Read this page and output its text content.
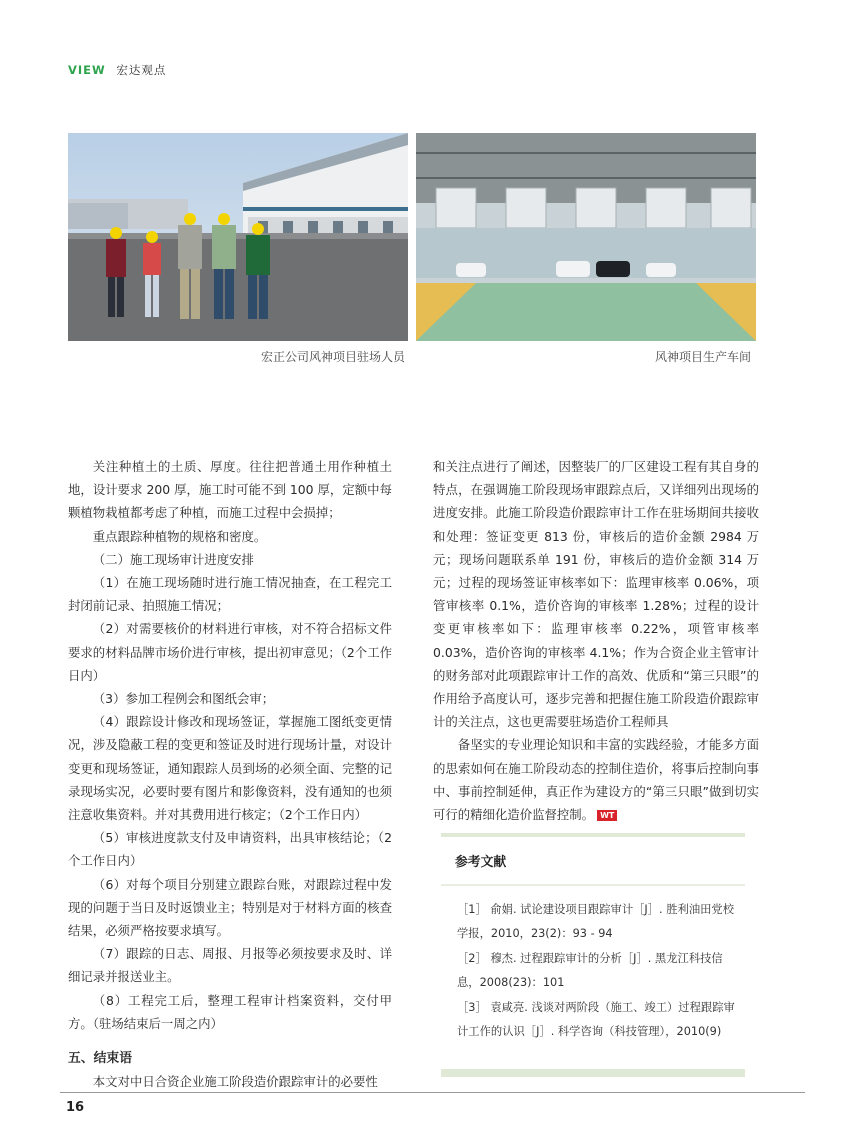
VIEW 宏达观点
宏正公司风神项目驻场人员	风神项目生产车间

关注种植土的土质、厚度。往往把普通土用作种植土地，设计要求 200 厚，施工时可能不到 100 厚，定额中每颗植物栽植都考虑了种植，而施工过程中会损掉；

重点跟踪种植物的规格和密度。

（二）施工现场审计进度安排

（1）在施工现场随时进行施工情况抽查，在工程完工封闭前记录、拍照施工情况；

（2）对需要核价的材料进行审核，对不符合招标文件要求的材料品牌市场价进行审核，提出初审意见；（2个工作日内）

（3）参加工程例会和图纸会审；

（4）跟踪设计修改和现场签证，掌握施工图纸变更情况，涉及隐蔽工程的变更和签证及时进行现场计量，对设计变更和现场签证，通知跟踪人员到场的必须全面、完整的记录现场实况，必要时要有图片和影像资料，没有通知的也须注意收集资料。并对其费用进行核定；（2个工作日内）

（5）审核进度款支付及申请资料，出具审核结论；（2个工作日内）

（6）对每个项目分别建立跟踪台账，对跟踪过程中发现的问题于当日及时返馈业主；特别是对于材料方面的核查结果，必须严格按要求填写。

（7）跟踪的日志、周报、月报等必须按要求及时、详细记录并报送业主。

（8）工程完工后，整理工程审计档案资料，交付甲方。（驻场结束后一周之内）

五、结束语

本文对中日合资企业施工阶段造价跟踪审计的必要性

和关注点进行了阐述，因整装厂的厂区建设工程有其自身的特点，在强调施工阶段现场审跟踪点后，又详细列出现场的进度安排。此施工阶段造价跟踪审计工作在驻场期间共接收和处理：签证变更 813 份，审核后的造价金额 2984 万元；现场问题联系单 191 份，审核后的造价金额 314 万元；过程的现场签证审核率如下：监理审核率 0.06%，项管审核率 0.1%，造价咨询的审核率 1.28%；过程的设计变更审核率如下：监理审核率 0.22%，项管审核率 0.03%，造价咨询的审核率 4.1%；作为合资企业主管审计的财务部对此项跟踪审计工作的高效、优质和“第三只眼”的作用给予高度认可，逐步完善和把握住施工阶段造价跟踪审计的关注点，这也更需要驻场造价工程师具

备坚实的专业理论知识和丰富的实践经验，才能多方面的思索如何在施工阶段动态的控制住造价，将事后控制向事中、事前控制延伸，真正作为建设方的“第三只眼”做到切实可行的精细化造价监督控制。 WT

参考文献
［1］ 俞娟. 试论建设项目跟踪审计［J］. 胜利油田党校学报，2010，23(2)：93 - 94
［2］ 穆杰. 过程跟踪审计的分析［J］. 黑龙江科技信息，2008(23)：101
［3］ 袁咸亮. 浅谈对两阶段（施工、竣工）过程跟踪审计工作的认识［J］. 科学咨询（科技管理），2010(9)
16
